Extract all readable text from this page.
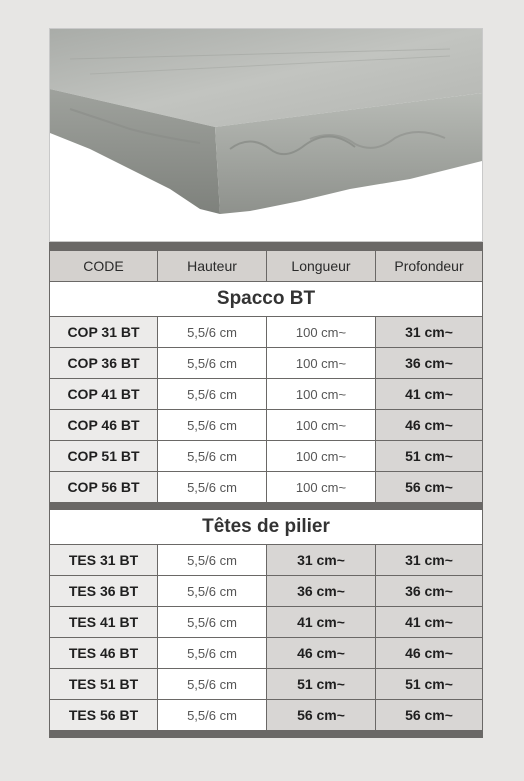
CODE	Hauteur	Longueur	Profondeur
Spacco BT
COP 31 BT	5,5/6 cm	100 cm~	31 cm~
COP 36 BT	5,5/6 cm	100 cm~	36 cm~
COP 41 BT	5,5/6 cm	100 cm~	41 cm~
COP 46 BT	5,5/6 cm	100 cm~	46 cm~
COP 51 BT	5,5/6 cm	100 cm~	51 cm~
COP 56 BT	5,5/6 cm	100 cm~	56 cm~
Têtes de pilier
TES 31 BT	5,5/6 cm	31 cm~	31 cm~
TES 36 BT	5,5/6 cm	36 cm~	36 cm~
TES 41 BT	5,5/6 cm	41 cm~	41 cm~
TES 46 BT	5,5/6 cm	46 cm~	46 cm~
TES 51 BT	5,5/6 cm	51 cm~	51 cm~
TES 56 BT	5,5/6 cm	56 cm~	56 cm~
